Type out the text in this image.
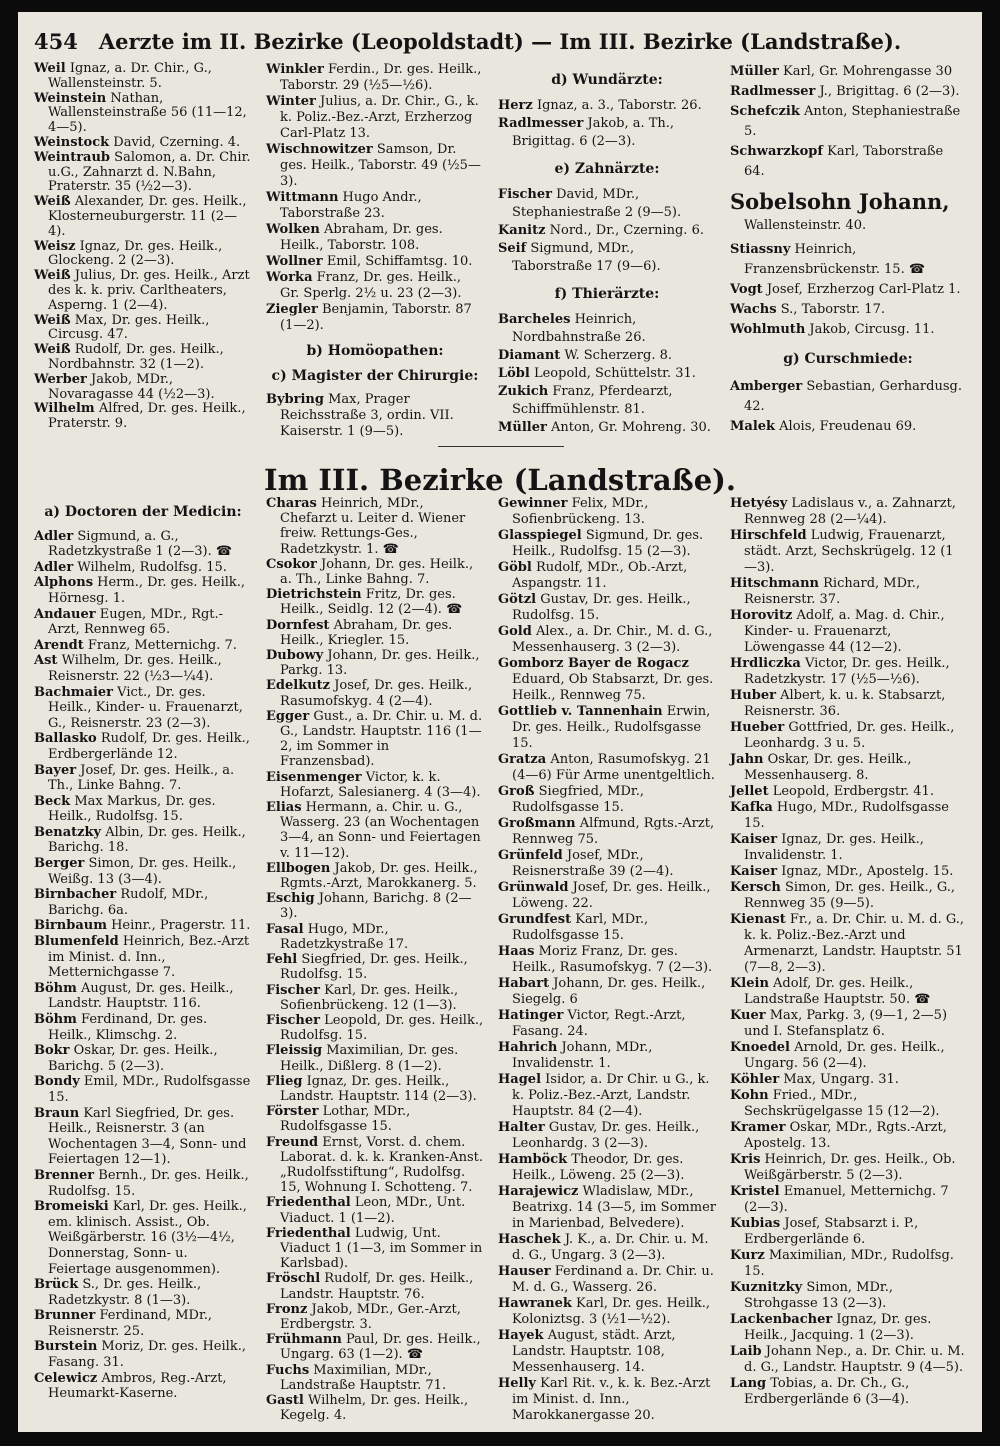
454 Aerzte im II. Bezirke (Leopoldstadt) — Im III. Bezirke (Landstraße).

Weil Ignaz, a. Dr. Chir., G., Wallensteinstr. 5.

Weinstein Nathan, Wallensteinstraße 56 (11—12, 4—5).

Weinstock David, Czerning. 4.

Weintraub Salomon, a. Dr. Chir. u.G., Zahnarzt d. N.Bahn, Praterstr. 35 (½2—3).

Weiß Alexander, Dr. ges. Heilk., Klosterneuburgerstr. 11 (2—4).

Weisz Ignaz, Dr. ges. Heilk., Glockeng. 2 (2—3).

Weiß Julius, Dr. ges. Heilk., Arzt des k. k. priv. Carltheaters, Asperng. 1 (2—4).

Weiß Max, Dr. ges. Heilk., Circusg. 47.

Weiß Rudolf, Dr. ges. Heilk., Nordbahnstr. 32 (1—2).

Werber Jakob, MDr., Novaragasse 44 (½2—3).

Wilhelm Alfred, Dr. ges. Heilk., Praterstr. 9.

Winkler Ferdin., Dr. ges. Heilk., Taborstr. 29 (½5—½6).

Winter Julius, a. Dr. Chir., G., k. k. Poliz.-Bez.-Arzt, Erzherzog Carl-Platz 13.

Wischnowitzer Samson, Dr. ges. Heilk., Taborstr. 49 (½5—3).

Wittmann Hugo Andr., Taborstraße 23.

Wolken Abraham, Dr. ges. Heilk., Taborstr. 108.

Wollner Emil, Schiffamtsg. 10.

Worka Franz, Dr. ges. Heilk., Gr. Sperlg. 2½ u. 23 (2—3).

Ziegler Benjamin, Taborstr. 87 (1—2).

b) Homöopathen:
c) Magister der Chirurgie:

Bybring Max, Prager Reichsstraße 3, ordin. VII. Kaiserstr. 1 (9—5).

d) Wundärzte:

Herz Ignaz, a. 3., Taborstr. 26.

Radlmesser Jakob, a. Th., Brigittag. 6 (2—3).

e) Zahnärzte:

Fischer David, MDr., Stephaniestraße 2 (9—5).

Kanitz Nord., Dr., Czerning. 6.

Seif Sigmund, MDr., Taborstraße 17 (9—6).

f) Thierärzte:

Barcheles Heinrich, Nordbahnstraße 26.

Diamant W. Scherzerg. 8.

Löbl Leopold, Schüttelstr. 31.

Zukich Franz, Pferdearzt, Schiffmühlenstr. 81.

Müller Anton, Gr. Mohreng. 30.

Müller Karl, Gr. Mohrengasse 30

Radlmesser J., Brigittag. 6 (2—3).

Schefczik Anton, Stephaniestraße 5.

Schwarzkopf Karl, Taborstraße 64.

Sobelsohn Johann,
Wallensteinstr. 40.

Stiassny Heinrich, Franzensbrückenstr. 15. ☎

Vogt Josef, Erzherzog Carl-Platz 1.

Wachs S., Taborstr. 17.

Wohlmuth Jakob, Circusg. 11.

g) Curschmiede:

Amberger Sebastian, Gerhardusg. 42.

Malek Alois, Freudenau 69.

Im III. Bezirke (Landstraße).
a) Doctoren der Medicin:

Adler Sigmund, a. G., Radetzkystraße 1 (2—3). ☎

Adler Wilhelm, Rudolfsg. 15.

Alphons Herm., Dr. ges. Heilk., Hörnesg. 1.

Andauer Eugen, MDr., Rgt.-Arzt, Rennweg 65.

Arendt Franz, Metternichg. 7.

Ast Wilhelm, Dr. ges. Heilk., Reisnerstr. 22 (½3—¼4).

Bachmaier Vict., Dr. ges. Heilk., Kinder- u. Frauenarzt, G., Reisnerstr. 23 (2—3).

Ballasko Rudolf, Dr. ges. Heilk., Erdbergerlände 12.

Bayer Josef, Dr. ges. Heilk., a. Th., Linke Bahng. 7.

Beck Max Markus, Dr. ges. Heilk., Rudolfsg. 15.

Benatzky Albin, Dr. ges. Heilk., Barichg. 18.

Berger Simon, Dr. ges. Heilk., Weißg. 13 (3—4).

Birnbacher Rudolf, MDr., Barichg. 6a.

Birnbaum Heinr., Pragerstr. 11.

Blumenfeld Heinrich, Bez.-Arzt im Minist. d. Inn., Metternichgasse 7.

Böhm August, Dr. ges. Heilk., Landstr. Hauptstr. 116.

Böhm Ferdinand, Dr. ges. Heilk., Klimschg. 2.

Bokr Oskar, Dr. ges. Heilk., Barichg. 5 (2—3).

Bondy Emil, MDr., Rudolfsgasse 15.

Braun Karl Siegfried, Dr. ges. Heilk., Reisnerstr. 3 (an Wochentagen 3—4, Sonn- und Feiertagen 12—1).

Brenner Bernh., Dr. ges. Heilk., Rudolfsg. 15.

Bromeiski Karl, Dr. ges. Heilk., em. klinisch. Assist., Ob. Weißgärberstr. 16 (3½—4½, Donnerstag, Sonn- u. Feiertage ausgenommen).

Brück S., Dr. ges. Heilk., Radetzkystr. 8 (1—3).

Brunner Ferdinand, MDr., Reisnerstr. 25.

Burstein Moriz, Dr. ges. Heilk., Fasang. 31.

Celewicz Ambros, Reg.-Arzt, Heumarkt-Kaserne.

Charas Heinrich, MDr., Chefarzt u. Leiter d. Wiener freiw. Rettungs-Ges., Radetzkystr. 1. ☎

Csokor Johann, Dr. ges. Heilk., a. Th., Linke Bahng. 7.

Dietrichstein Fritz, Dr. ges. Heilk., Seidlg. 12 (2—4). ☎

Dornfest Abraham, Dr. ges. Heilk., Kriegler. 15.

Dubowy Johann, Dr. ges. Heilk., Parkg. 13.

Edelkutz Josef, Dr. ges. Heilk., Rasumofskyg. 4 (2—4).

Egger Gust., a. Dr. Chir. u. M. d. G., Landstr. Hauptstr. 116 (1—2, im Sommer in Franzensbad).

Eisenmenger Victor, k. k. Hofarzt, Salesianerg. 4 (3—4).

Elias Hermann, a. Chir. u. G., Wasserg. 23 (an Wochentagen 3—4, an Sonn- und Feiertagen v. 11—12).

Ellbogen Jakob, Dr. ges. Heilk., Rgmts.-Arzt, Marokkanerg. 5.

Eschig Johann, Barichg. 8 (2—3).

Fasal Hugo, MDr., Radetzkystraße 17.

Fehl Siegfried, Dr. ges. Heilk., Rudolfsg. 15.

Fischer Karl, Dr. ges. Heilk., Sofienbrückeng. 12 (1—3).

Fischer Leopold, Dr. ges. Heilk., Rudolfsg. 15.

Fleissig Maximilian, Dr. ges. Heilk., Dißlerg. 8 (1—2).

Flieg Ignaz, Dr. ges. Heilk., Landstr. Hauptstr. 114 (2—3).

Förster Lothar, MDr., Rudolfsgasse 15.

Freund Ernst, Vorst. d. chem. Laborat. d. k. k. Kranken-Anst. „Rudolfsstiftung“, Rudolfsg. 15, Wohnung I. Schotteng. 7.

Friedenthal Leon, MDr., Unt. Viaduct. 1 (1—2).

Friedenthal Ludwig, Unt. Viaduct 1 (1—3, im Sommer in Karlsbad).

Fröschl Rudolf, Dr. ges. Heilk., Landstr. Hauptstr. 76.

Fronz Jakob, MDr., Ger.-Arzt, Erdbergstr. 3.

Frühmann Paul, Dr. ges. Heilk., Ungarg. 63 (1—2). ☎

Fuchs Maximilian, MDr., Landstraße Hauptstr. 71.

Gastl Wilhelm, Dr. ges. Heilk., Kegelg. 4.

Gewinner Felix, MDr., Sofienbrückeng. 13.

Glasspiegel Sigmund, Dr. ges. Heilk., Rudolfsg. 15 (2—3).

Göbl Rudolf, MDr., Ob.-Arzt, Aspangstr. 11.

Götzl Gustav, Dr. ges. Heilk., Rudolfsg. 15.

Gold Alex., a. Dr. Chir., M. d. G., Messenhauserg. 3 (2—3).

Gomborz Bayer de Rogacz Eduard, Ob Stabsarzt, Dr. ges. Heilk., Rennweg 75.

Gottlieb v. Tannenhain Erwin, Dr. ges. Heilk., Rudolfsgasse 15.

Gratza Anton, Rasumofskyg. 21 (4—6) Für Arme unentgeltlich.

Groß Siegfried, MDr., Rudolfsgasse 15.

Großmann Alfmund, Rgts.-Arzt, Rennweg 75.

Grünfeld Josef, MDr., Reisnerstraße 39 (2—4).

Grünwald Josef, Dr. ges. Heilk., Löweng. 22.

Grundfest Karl, MDr., Rudolfsgasse 15.

Haas Moriz Franz, Dr. ges. Heilk., Rasumofskyg. 7 (2—3).

Habart Johann, Dr. ges. Heilk., Siegelg. 6

Hatinger Victor, Regt.-Arzt, Fasang. 24.

Hahrich Johann, MDr., Invalidenstr. 1.

Hagel Isidor, a. Dr Chir. u G., k. k. Poliz.-Bez.-Arzt, Landstr. Hauptstr. 84 (2—4).

Halter Gustav, Dr. ges. Heilk., Leonhardg. 3 (2—3).

Hamböck Theodor, Dr. ges. Heilk., Löweng. 25 (2—3).

Harajewicz Wladislaw, MDr., Beatrixg. 14 (3—5, im Sommer in Marienbad, Belvedere).

Haschek J. K., a. Dr. Chir. u. M. d. G., Ungarg. 3 (2—3).

Hauser Ferdinand a. Dr. Chir. u. M. d. G., Wasserg. 26.

Hawranek Karl, Dr. ges. Heilk., Koloniztsg. 3 (½1—½2).

Hayek August, städt. Arzt, Landstr. Hauptstr. 108, Messenhauserg. 14.

Helly Karl Rit. v., k. k. Bez.-Arzt im Minist. d. Inn., Marokkanergasse 20.

Hetyésy Ladislaus v., a. Zahnarzt, Rennweg 28 (2—¼4).

Hirschfeld Ludwig, Frauenarzt, städt. Arzt, Sechskrügelg. 12 (1—3).

Hitschmann Richard, MDr., Reisnerstr. 37.

Horovitz Adolf, a. Mag. d. Chir., Kinder- u. Frauenarzt, Löwengasse 44 (12—2).

Hrdliczka Victor, Dr. ges. Heilk., Radetzkystr. 17 (½5—½6).

Huber Albert, k. u. k. Stabsarzt, Reisnerstr. 36.

Hueber Gottfried, Dr. ges. Heilk., Leonhardg. 3 u. 5.

Jahn Oskar, Dr. ges. Heilk., Messenhauserg. 8.

Jellet Leopold, Erdbergstr. 41.

Kafka Hugo, MDr., Rudolfsgasse 15.

Kaiser Ignaz, Dr. ges. Heilk., Invalidenstr. 1.

Kaiser Ignaz, MDr., Apostelg. 15.

Kersch Simon, Dr. ges. Heilk., G., Rennweg 35 (9—5).

Kienast Fr., a. Dr. Chir. u. M. d. G., k. k. Poliz.-Bez.-Arzt und Armenarzt, Landstr. Hauptstr. 51 (7—8, 2—3).

Klein Adolf, Dr. ges. Heilk., Landstraße Hauptstr. 50. ☎

Kuer Max, Parkg. 3, (9—1, 2—5) und I. Stefansplatz 6.

Knoedel Arnold, Dr. ges. Heilk., Ungarg. 56 (2—4).

Köhler Max, Ungarg. 31.

Kohn Fried., MDr., Sechskrügelgasse 15 (12—2).

Kramer Oskar, MDr., Rgts.-Arzt, Apostelg. 13.

Kris Heinrich, Dr. ges. Heilk., Ob. Weißgärberstr. 5 (2—3).

Kristel Emanuel, Metternichg. 7 (2—3).

Kubias Josef, Stabsarzt i. P., Erdbergerlände 6.

Kurz Maximilian, MDr., Rudolfsg. 15.

Kuznitzky Simon, MDr., Strohgasse 13 (2—3).

Lackenbacher Ignaz, Dr. ges. Heilk., Jacquing. 1 (2—3).

Laib Johann Nep., a. Dr. Chir. u. M. d. G., Landstr. Hauptstr. 9 (4—5).

Lang Tobias, a. Dr. Ch., G., Erdbergerlände 6 (3—4).
